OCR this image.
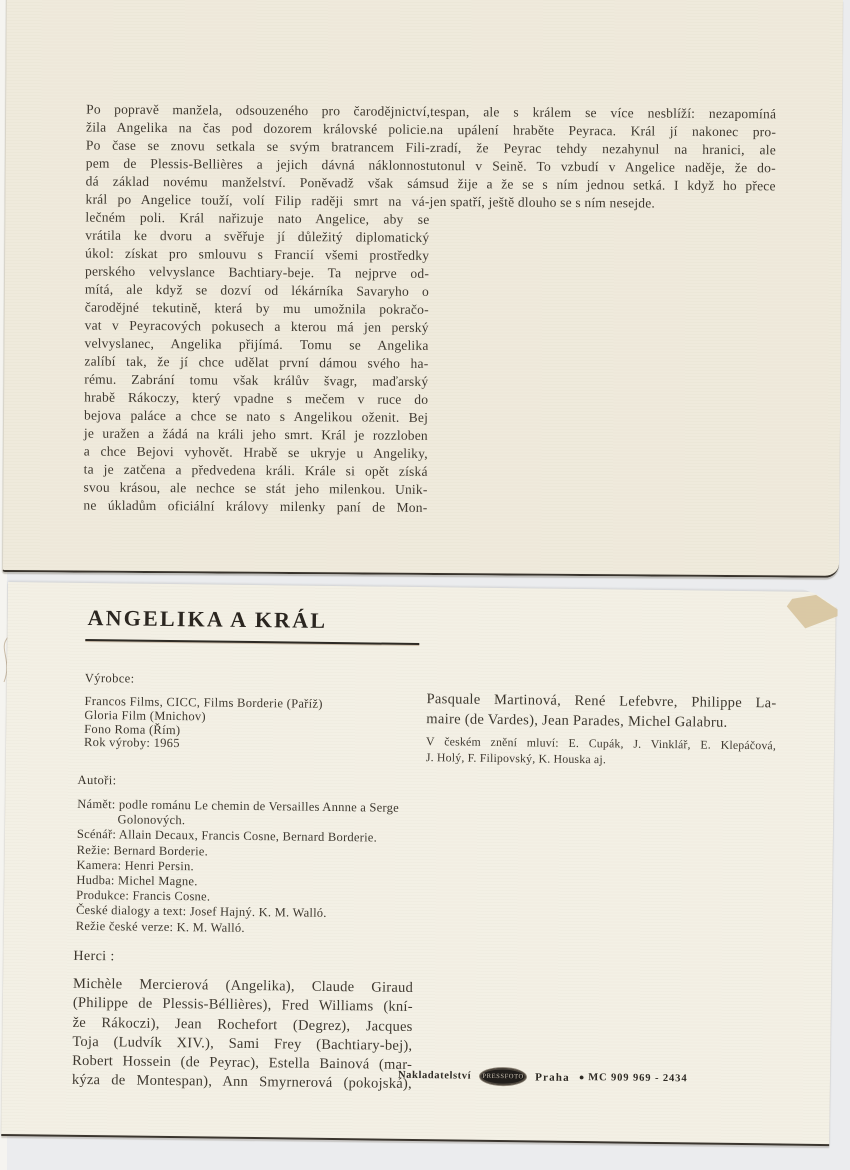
Po popravě manžela, odsouzeného pro čarodějnictví,
žila Angelika na čas pod dozorem královské policie.
Po čase se znovu setkala se svým bratrancem Fili-
pem de Plessis-Bellières a jejich dávná náklonnost
dá základ novému manželství. Poněvadž však sám
král po Angelice touží, volí Filip raději smrt na vá-
lečném poli. Král nařizuje nato Angelice, aby se
vrátila ke dvoru a svěřuje jí důležitý diplomatický
úkol: získat pro smlouvu s Francií všemi prostředky
perského velvyslance Bachtiary-beje. Ta nejprve od-
mítá, ale když se dozví od lékárníka Savaryho o
čarodějné tekutině, která by mu umožnila pokračo-
vat v Peyracových pokusech a kterou má jen perský
velvyslanec, Angelika přijímá. Tomu se Angelika
zalíbí tak, že jí chce udělat první dámou svého ha-
rému. Zabrání tomu však králův švagr, maďarský
hrabě Rákoczy, který vpadne s mečem v ruce do
bejova paláce a chce se nato s Angelikou oženit. Bej
je uražen a žádá na králi jeho smrt. Král je rozzloben
a chce Bejovi vyhovět. Hrabě se ukryje u Angeliky,
ta je zatčena a předvedena králi. Krále si opět získá
svou krásou, ale nechce se stát jeho milenkou. Unik-
ne úkladům oficiální královy milenky paní de Mon-
tespan, ale s králem se více nesblíží: nezapomíná
na upálení hraběte Peyraca. Král jí nakonec pro-
zradí, že Peyrac tehdy nezahynul na hranici, ale
utonul v Seině. To vzbudí v Angelice naděje, že do-
sud žije a že se s ním jednou setká. I když ho přece
jen spatří, ještě dlouho se s ním nesejde.
ANGELIKA A KRÁL
Výrobce:
Francos Films, CICC, Films Borderie (Paříž)
Gloria Film (Mnichov)
Fono Roma (Řím)
Rok výroby: 1965
Pasquale Martinová, René Lefebvre, Philippe La-
maire (de Vardes), Jean Parades, Michel Galabru.
V českém znění mluví: E. Cupák, J. Vinklář, E. Klepáčová,
J. Holý, F. Filipovský, K. Houska aj.
Autoři:
Námět: podle románu Le chemin de Versailles Annne a Serge
Golonových.
Scénář: Allain Decaux, Francis Cosne, Bernard Borderie.
Režie: Bernard Borderie.
Kamera: Henri Persin.
Hudba: Michel Magne.
Produkce: Francis Cosne.
České dialogy a text: Josef Hajný. K. M. Walló.
Režie české verze: K. M. Walló.
Herci :
Michèle Mercierová (Angelika), Claude Giraud
(Philippe de Plessis-Béllières), Fred Williams (kní-
že Rákoczi), Jean Rochefort (Degrez), Jacques
Toja (Ludvík XIV.), Sami Frey (Bachtiary-bej),
Robert Hossein (de Peyrac), Estella Bainová (mar-
kýza de Montespan), Ann Smyrnerová (pokojská),
Nakladatelství	PRESSFOTO Praha ● MC 909 969 - 2434
